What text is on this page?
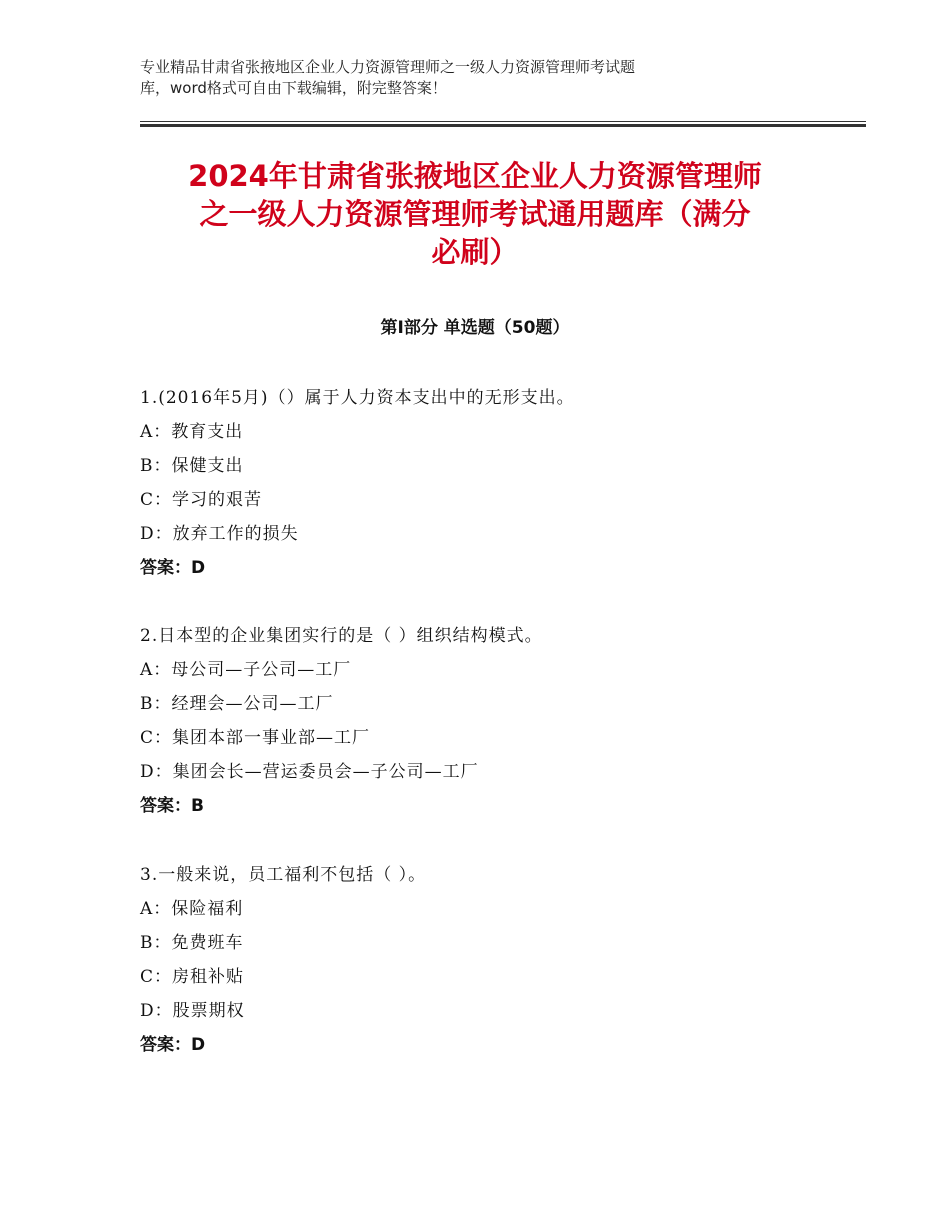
专业精品甘肃省张掖地区企业人力资源管理师之一级人力资源管理师考试题
库，word格式可自由下载编辑，附完整答案！
2024年甘肃省张掖地区企业人力资源管理师
之一级人力资源管理师考试通用题库（满分
必刷）
第Ⅰ部分 单选题（50题）
1.(2016年5月)（）属于人力资本支出中的无形支出。
A：教育支出
B：保健支出
C：学习的艰苦
D：放弃工作的损失
答案：D
2.日本型的企业集团实行的是（ ）组织结构模式。
A：母公司—子公司—工厂
B：经理会—公司—工厂
C：集团本部一事业部—工厂
D：集团会长—营运委员会—子公司—工厂
答案：B
3.一般来说，员工福利不包括（ ）。
A：保险福利
B：免费班车
C：房租补贴
D：股票期权
答案：D
